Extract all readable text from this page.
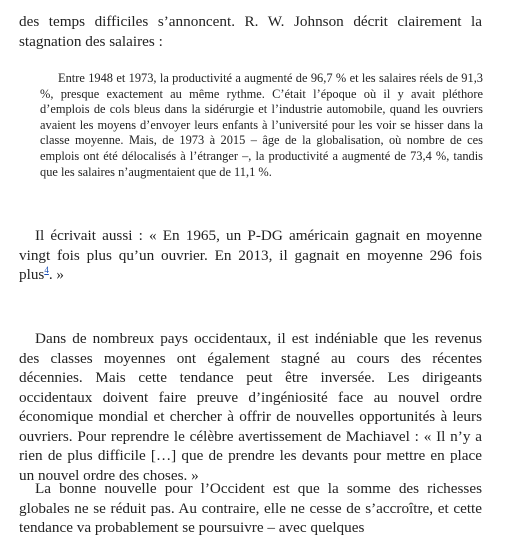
des temps difficiles s’annoncent. R. W. Johnson décrit clairement la stagnation des salaires :

Entre 1948 et 1973, la productivité a augmenté de 96,7 % et les salaires réels de 91,3 %, presque exactement au même rythme. C’était l’époque où il y avait pléthore d’emplois de cols bleus dans la sidérurgie et l’industrie automobile, quand les ouvriers avaient les moyens d’envoyer leurs enfants à l’université pour les voir se hisser dans la classe moyenne. Mais, de 1973 à 2015 – âge de la globalisation, où nombre de ces emplois ont été délocalisés à l’étranger –, la productivité a augmenté de 73,4 %, tandis que les salaires n’augmentaient que de 11,1 %.

Il écrivait aussi : « En 1965, un P-DG américain gagnait en moyenne vingt fois plus qu’un ouvrier. En 2013, il gagnait en moyenne 296 fois plus$^4$. »

Dans de nombreux pays occidentaux, il est indéniable que les revenus des classes moyennes ont également stagné au cours des récentes décennies. Mais cette tendance peut être inversée. Les dirigeants occidentaux doivent faire preuve d’ingéniosité face au nouvel ordre économique mondial et chercher à offrir de nouvelles opportunités à leurs ouvriers. Pour reprendre le célèbre avertissement de Machiavel : « Il n’y a rien de plus difficile […] que de prendre les devants pour mettre en place un nouvel ordre des choses. »

La bonne nouvelle pour l’Occident est que la somme des richesses globales ne se réduit pas. Au contraire, elle ne cesse de s’accroître, et cette tendance va probablement se poursuivre – avec quelques
